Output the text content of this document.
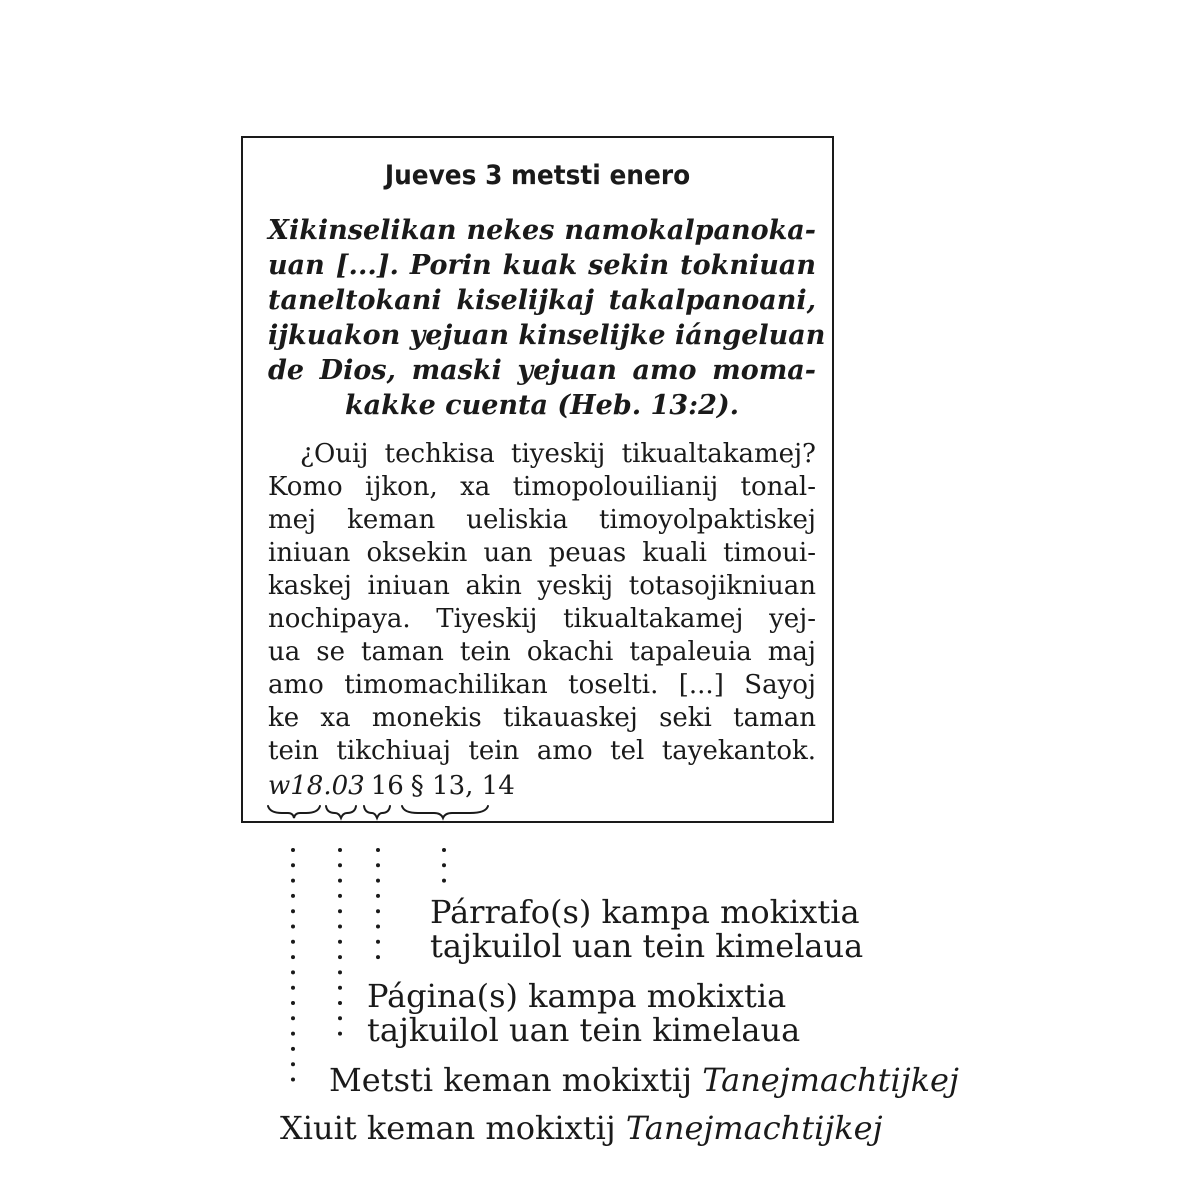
Jueves 3 metsti enero
Xikinselikan nekes namokalpanoka-
uan [...]. Porin kuak sekin tokniuan
taneltokani kiselijkaj takalpanoani,
ijkuakon yejuan kinselijke iángeluan
de Dios, maski yejuan amo moma-
kakke cuenta (Heb. 13:2).
¿Ouij techkisa tiyeskij tikualtakamej?
Komo ijkon, xa timopolouilianij tonal-
mej keman ueliskia timoyolpaktiskej
iniuan oksekin uan peuas kuali timoui-
kaskej iniuan akin yeskij totasojikniuan
nochipaya. Tiyeskij tikualtakamej yej-
ua se taman tein okachi tapaleuia maj
amo timomachilikan toselti. [...] Sayoj
ke xa monekis tikauaskej seki taman
tein tikchiuaj tein amo tel tayekantok.
w18.03 16 § 13, 14
Párrafo(s) kampa mokixtia
tajkuilol uan tein kimelaua
Página(s) kampa mokixtia
tajkuilol uan tein kimelaua
Metsti keman mokixtij Tanejmachtijkej
Xiuit keman mokixtij Tanejmachtijkej
